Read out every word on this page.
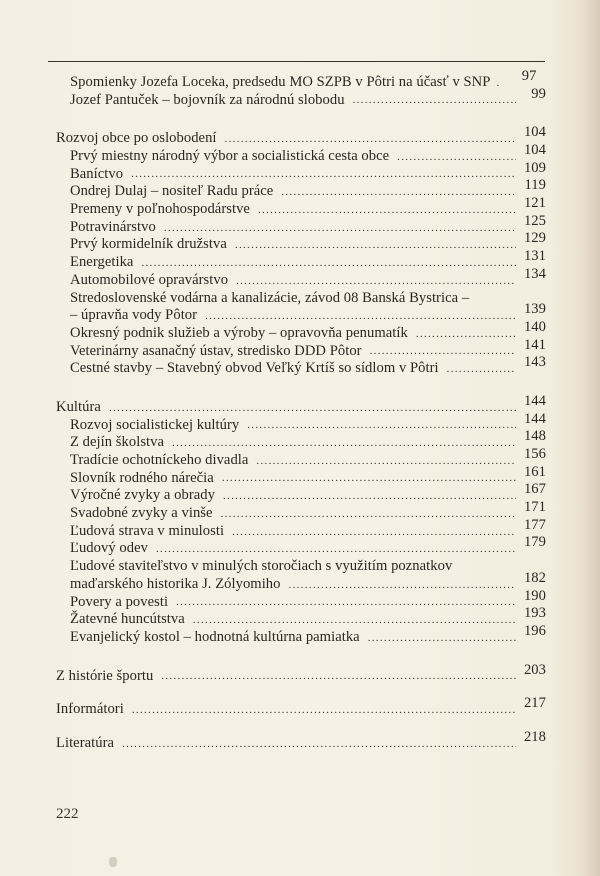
Spomienky Jozefa Loceka, predsedu MO SZPB v Pôtri na účasť v SNP .	97
Jozef Pantuček – bojovník za národnú slobodu .....	99
Rozvoj obce po oslobodení .....	104
Prvý miestny národný výbor a socialistická cesta obce .....	104
Baníctvo .....	109
Ondrej Dulaj – nositeľ Radu práce .....	119
Premeny v poľnohospodárstve .....	121
Potravinárstvo .....	125
Prvý kormidelník družstva .....	129
Energetika .....	131
Automobilové opravárstvo .....	134
Stredoslovenské vodárna a kanalizácie, závod 08 Banská Bystrica –
– úpravňa vody Pôtor .....	139
Okresný podnik služieb a výroby – opravovňa penumatík .....	140
Veterinárny asanačný ústav, stredisko DDD Pôtor .....	141
Cestné stavby – Stavebný obvod Veľký Krtíš so sídlom v Pôtri .....	143
Kultúra .....	144
Rozvoj socialistickej kultúry .....	144
Z dejín školstva .....	148
Tradície ochotníckeho divadla .....	156
Slovník rodného nárečia .....	161
Výročné zvyky a obrady .....	167
Svadobné zvyky a vinše .....	171
Ľudová strava v minulosti .....	177
Ľudový odev .....	179
Ľudové staviteľstvo v minulých storočiach s využitím poznatkov
maďarského historika J. Zólyomiho .....	182
Povery a povesti .....	190
Žatevné huncútstva .....	193
Evanjelický kostol – hodnotná kultúrna pamiatka .....	196
Z histórie športu .....	203
Informátori .....	217
Literatúra .....	218
222
